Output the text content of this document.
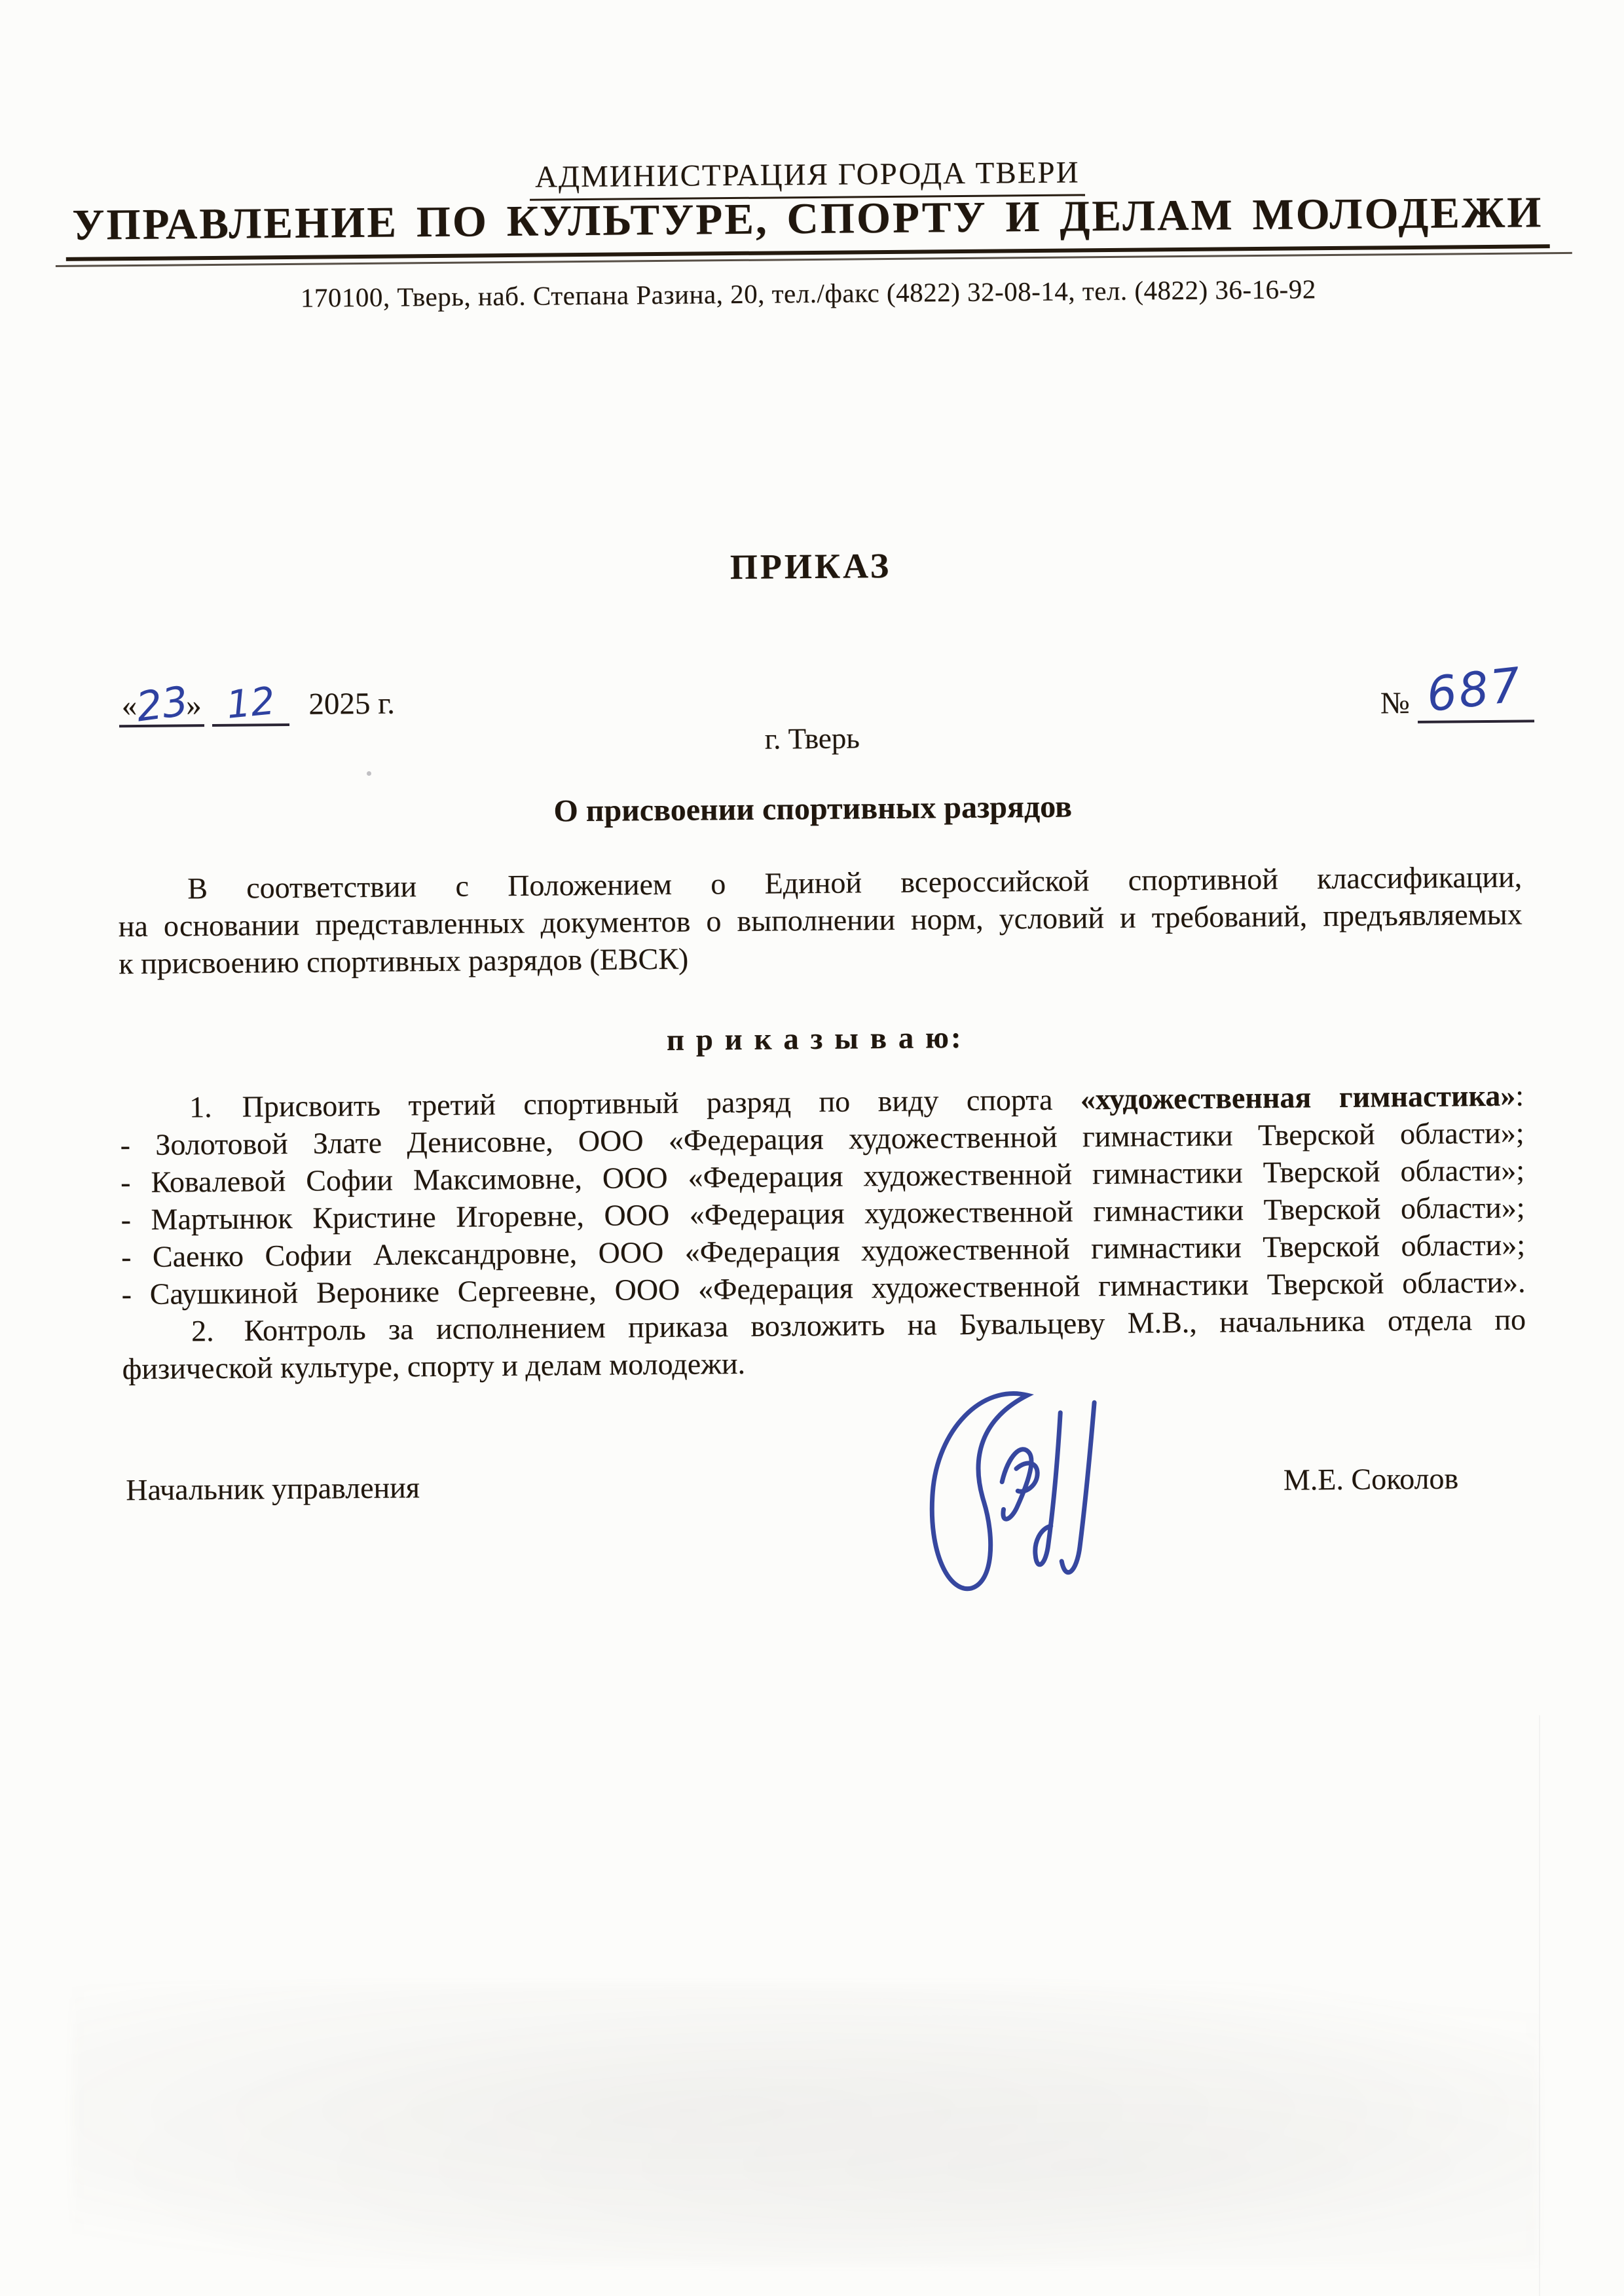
АДМИНИСТРАЦИЯ ГОРОДА ТВЕРИ
УПРАВЛЕНИЕ ПО КУЛЬТУРЕ, СПОРТУ И ДЕЛАМ МОЛОДЕЖИ
170100, Тверь, наб. Степана Разина, 20, тел./факс (4822) 32-08-14, тел. (4822) 36-16-92
ПРИКАЗ
«23» 12 2025 г.	№ 687
г. Тверь
О присвоении спортивных разрядов
В соответствии с Положением о Единой всероссийской спортивной классификации,
на основании представленных документов о выполнении норм, условий и требований, предъявляемых
к присвоению спортивных разрядов (ЕВСК)
п р и к а з ы в а ю:
1.  Присвоить третий спортивный разряд по виду спорта «художественная гимнастика»:
- Золотовой Злате Денисовне, ООО «Федерация художественной гимнастики Тверской области»;
- Ковалевой Софии Максимовне, ООО «Федерация художественной гимнастики Тверской области»;
- Мартынюк Кристине Игоревне, ООО «Федерация художественной гимнастики Тверской области»;
- Саенко Софии Александровне, ООО «Федерация художественной гимнастики Тверской области»;
- Саушкиной Веронике Сергеевне, ООО «Федерация художественной гимнастики Тверской области».
2.  Контроль за исполнением приказа возложить на Бувальцеву М.В., начальника отдела по
физической культуре, спорту и делам молодежи.
Начальник управления	М.Е. Соколов
